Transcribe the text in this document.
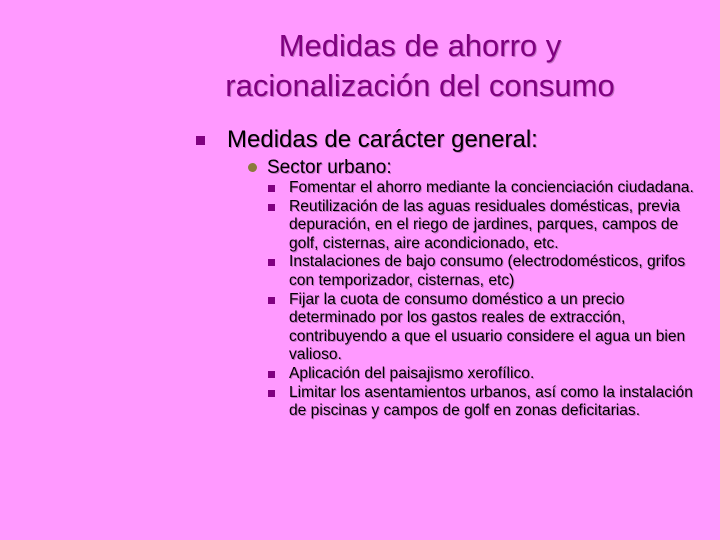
Medidas de ahorro y
racionalización del consumo
Medidas de carácter general:
Sector urbano:
Fomentar el ahorro mediante la concienciación ciudadana.
Reutilización de las aguas residuales domésticas, previa depuración, en el riego de jardines, parques, campos de golf, cisternas, aire acondicionado, etc.
Instalaciones de bajo consumo (electrodomésticos, grifos con temporizador, cisternas, etc)
Fijar la cuota de consumo doméstico a un precio determinado por los gastos reales de extracción, contribuyendo a que el usuario considere el agua un bien valioso.
Aplicación del paisajismo xerofílico.
Limitar los asentamientos urbanos, así como la instalación de piscinas y campos de golf en zonas deficitarias.
